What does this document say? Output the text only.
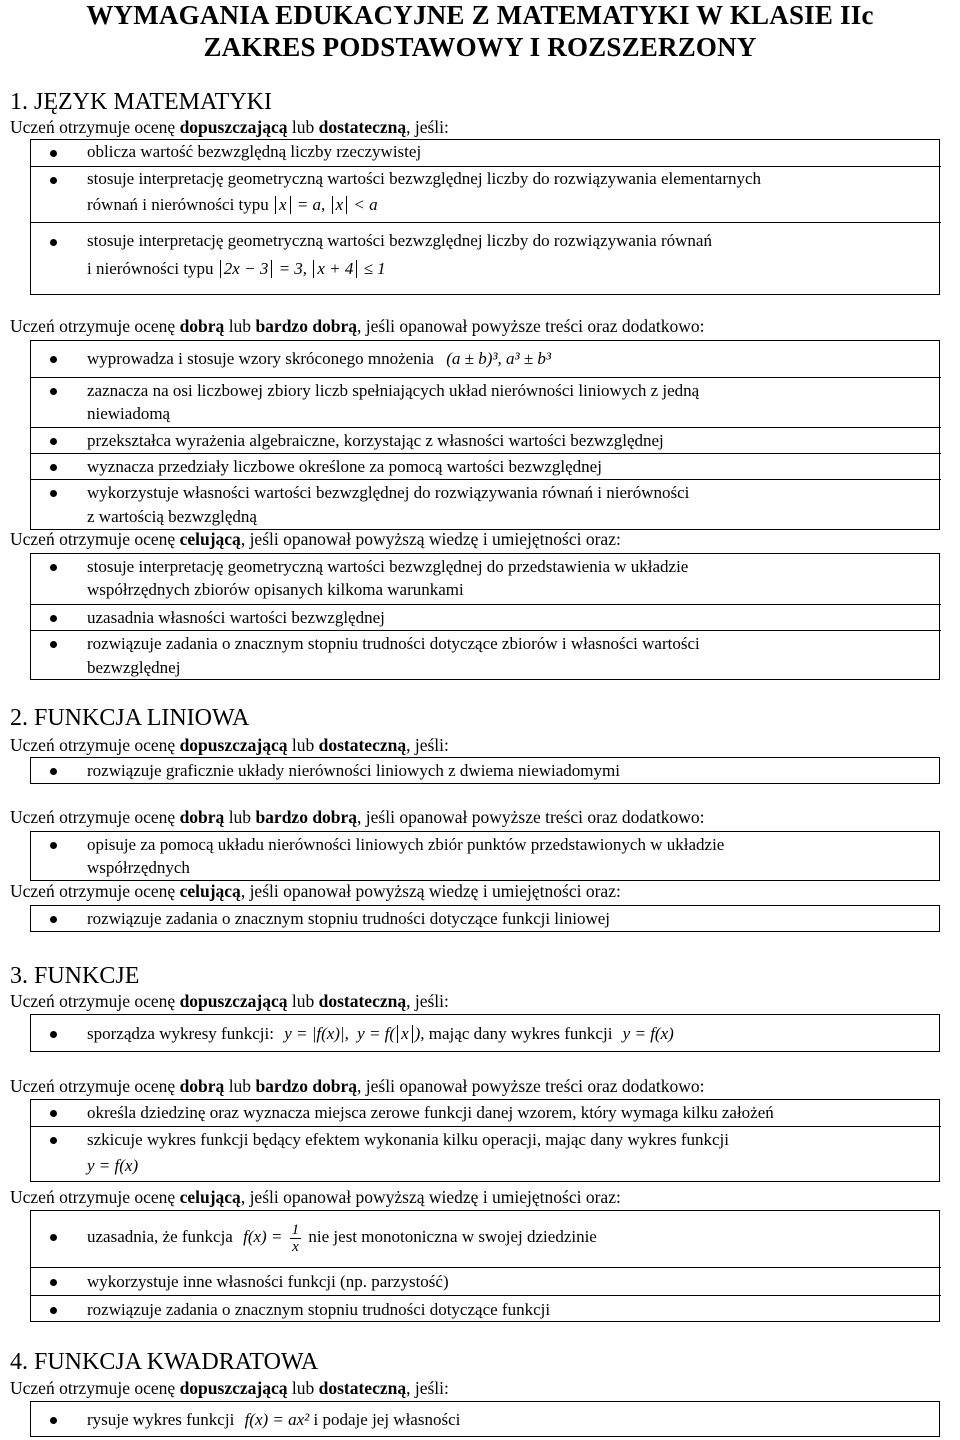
WYMAGANIA EDUKACYJNE Z MATEMATYKI W KLASIE IIc
ZAKRES PODSTAWOWY I ROZSZERZONY
1. JĘZYK MATEMATYKI
Uczeń otrzymuje ocenę dopuszczającą lub dostateczną, jeśli:
oblicza wartość bezwzględną liczby rzeczywistej
stosuje interpretację geometryczną wartości bezwzględnej liczby do rozwiązywania elementarnych
równań i nierówności typu x = a, x < a
stosuje interpretację geometryczną wartości bezwzględnej liczby do rozwiązywania równań
i nierówności typu 2x − 3 = 3, x + 4 ≤ 1
Uczeń otrzymuje ocenę dobrą lub bardzo dobrą, jeśli opanował powyższe treści oraz dodatkowo:
wyprowadza i stosuje wzory skróconego mnożenia (a ± b)³, a³ ± b³
zaznacza na osi liczbowej zbiory liczb spełniających układ nierówności liniowych z jedną
niewiadomą
przekształca wyrażenia algebraiczne, korzystając z własności wartości bezwzględnej
wyznacza przedziały liczbowe określone za pomocą wartości bezwzględnej
wykorzystuje własności wartości bezwzględnej do rozwiązywania równań i nierówności
z wartością bezwzględną
Uczeń otrzymuje ocenę celującą, jeśli opanował powyższą wiedzę i umiejętności oraz:
stosuje interpretację geometryczną wartości bezwzględnej do przedstawienia w układzie
współrzędnych zbiorów opisanych kilkoma warunkami
uzasadnia własności wartości bezwzględnej
rozwiązuje zadania o znacznym stopniu trudności dotyczące zbiorów i własności wartości
bezwzględnej
2. FUNKCJA LINIOWA
Uczeń otrzymuje ocenę dopuszczającą lub dostateczną, jeśli:
rozwiązuje graficznie układy nierówności liniowych z dwiema niewiadomymi
Uczeń otrzymuje ocenę dobrą lub bardzo dobrą, jeśli opanował powyższe treści oraz dodatkowo:
opisuje za pomocą układu nierówności liniowych zbiór punktów przedstawionych w układzie
współrzędnych
Uczeń otrzymuje ocenę celującą, jeśli opanował powyższą wiedzę i umiejętności oraz:
rozwiązuje zadania o znacznym stopniu trudności dotyczące funkcji liniowej
3. FUNKCJE
Uczeń otrzymuje ocenę dopuszczającą lub dostateczną, jeśli:
sporządza wykresy funkcji: y = |f(x)|, y = f( x ), mając dany wykres funkcji y = f(x)
Uczeń otrzymuje ocenę dobrą lub bardzo dobrą, jeśli opanował powyższe treści oraz dodatkowo:
określa dziedzinę oraz wyznacza miejsca zerowe funkcji danej wzorem, który wymaga kilku założeń
szkicuje wykres funkcji będący efektem wykonania kilku operacji, mając dany wykres funkcji
y = f(x)
Uczeń otrzymuje ocenę celującą, jeśli opanował powyższą wiedzę i umiejętności oraz:
uzasadnia, że funkcja $f(x) = \frac{1}{x}$ nie jest monotoniczna w swojej dziedzinie
wykorzystuje inne własności funkcji (np. parzystość)
rozwiązuje zadania o znacznym stopniu trudności dotyczące funkcji
4. FUNKCJA KWADRATOWA
Uczeń otrzymuje ocenę dopuszczającą lub dostateczną, jeśli:
rysuje wykres funkcji f(x) = ax² i podaje jej własności
